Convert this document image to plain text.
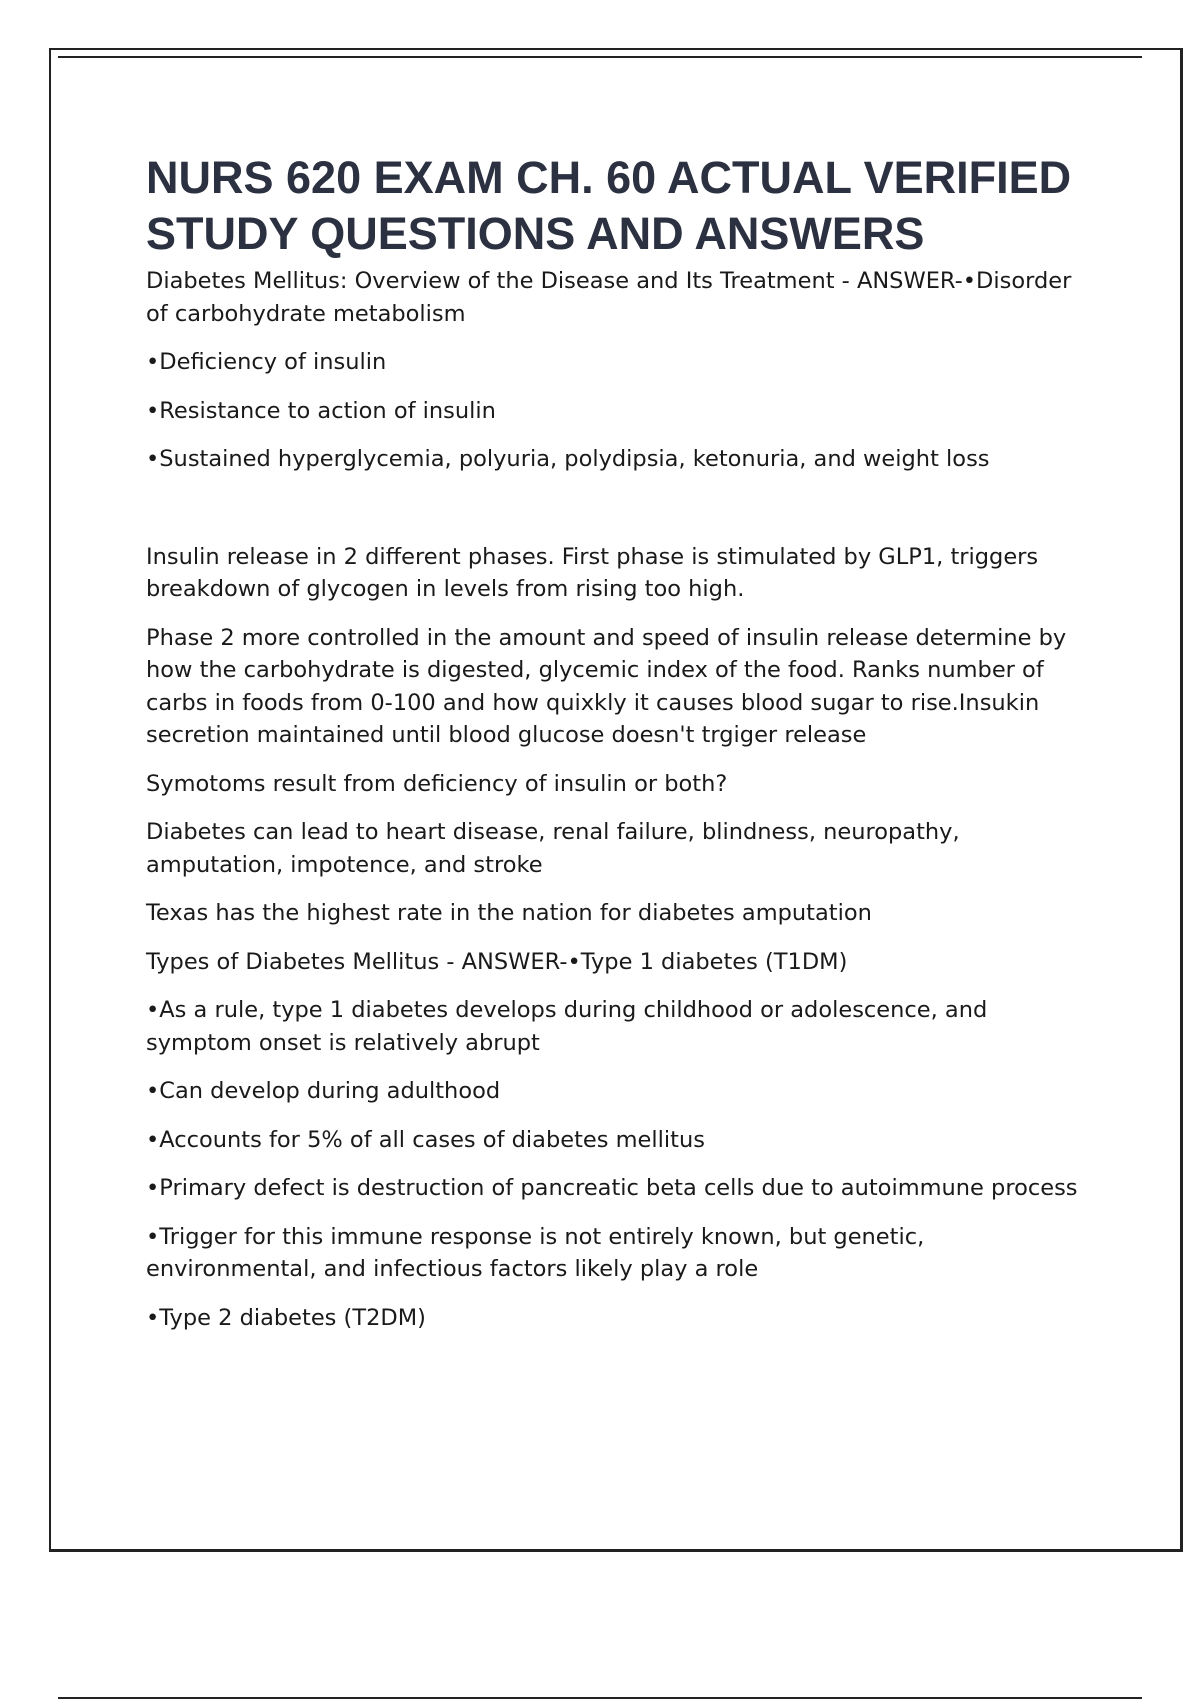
NURS 620 EXAM CH. 60 ACTUAL VERIFIED STUDY QUESTIONS AND ANSWERS

Diabetes Mellitus: Overview of the Disease and Its Treatment - ANSWER-•Disorder of carbohydrate metabolism

•Deficiency of insulin

•Resistance to action of insulin

•Sustained hyperglycemia, polyuria, polydipsia, ketonuria, and weight loss

Insulin release in 2 different phases. First phase is stimulated by GLP1, triggers breakdown of glycogen in levels from rising too high.

Phase 2 more controlled in the amount and speed of insulin release determine by how the carbohydrate is digested, glycemic index of the food. Ranks number of carbs in foods from 0-100 and how quixkly it causes blood sugar to rise.Insukin secretion maintained until blood glucose doesn't trgiger release

Symotoms result from deficiency of insulin or both?

Diabetes can lead to heart disease, renal failure, blindness, neuropathy, amputation, impotence, and stroke

Texas has the highest rate in the nation for diabetes amputation

Types of Diabetes Mellitus - ANSWER-•Type 1 diabetes (T1DM)

•As a rule, type 1 diabetes develops during childhood or adolescence, and symptom onset is relatively abrupt

•Can develop during adulthood

•Accounts for 5% of all cases of diabetes mellitus

•Primary defect is destruction of pancreatic beta cells due to autoimmune process

•Trigger for this immune response is not entirely known, but genetic, environmental, and infectious factors likely play a role

•Type 2 diabetes (T2DM)
